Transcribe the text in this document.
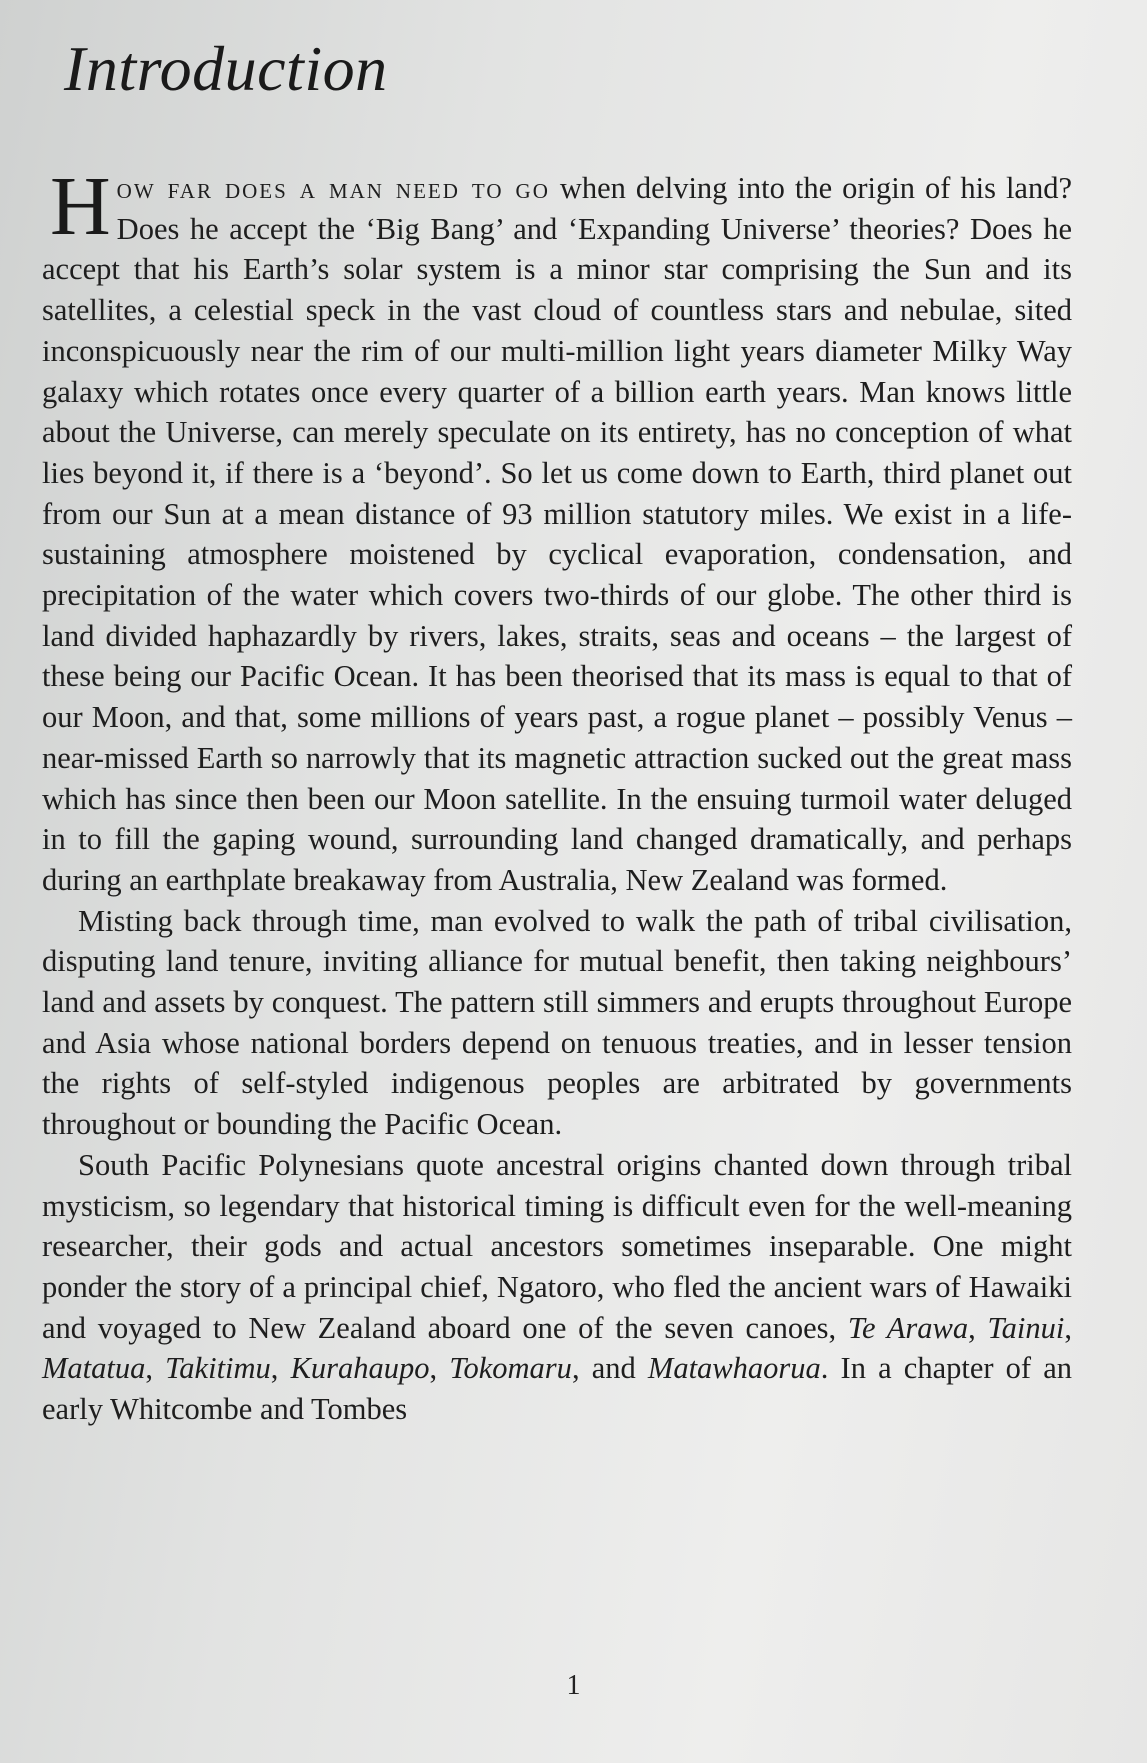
Introduction

How far does a man need to go when delving into the origin of his land? Does he accept the ‘Big Bang’ and ‘Expanding Universe’ theories? Does he accept that his Earth’s solar system is a minor star comprising the Sun and its satellites, a celestial speck in the vast cloud of countless stars and nebulae, sited inconspicuously near the rim of our multi-million light years diameter Milky Way galaxy which rotates once every quarter of a billion earth years. Man knows little about the Universe, can merely speculate on its entirety, has no conception of what lies beyond it, if there is a ‘beyond’. So let us come down to Earth, third planet out from our Sun at a mean distance of 93 million statutory miles. We exist in a life-sustaining atmosphere moistened by cyclical evaporation, condensation, and precipitation of the water which covers two-thirds of our globe. The other third is land divided haphazardly by rivers, lakes, straits, seas and oceans – the largest of these being our Pacific Ocean. It has been theorised that its mass is equal to that of our Moon, and that, some millions of years past, a rogue planet – possibly Venus – near-missed Earth so narrowly that its magnetic attraction sucked out the great mass which has since then been our Moon satellite. In the ensuing turmoil water deluged in to fill the gaping wound, surrounding land changed dramatically, and perhaps during an earthplate breakaway from Australia, New Zealand was formed.

Misting back through time, man evolved to walk the path of tribal civilisation, disputing land tenure, inviting alliance for mutual benefit, then taking neighbours’ land and assets by conquest. The pattern still simmers and erupts throughout Europe and Asia whose national borders depend on tenuous treaties, and in lesser tension the rights of self-styled indigenous peoples are arbitrated by governments throughout or bounding the Pacific Ocean.

South Pacific Polynesians quote ancestral origins chanted down through tribal mysticism, so legendary that historical timing is difficult even for the well-meaning researcher, their gods and actual ancestors sometimes inseparable. One might ponder the story of a principal chief, Ngatoro, who fled the ancient wars of Hawaiki and voyaged to New Zealand aboard one of the seven canoes, Te Arawa, Tainui, Matatua, Takitimu, Kurahaupo, Tokomaru, and Matawhaorua. In a chapter of an early Whitcombe and Tombes

1
